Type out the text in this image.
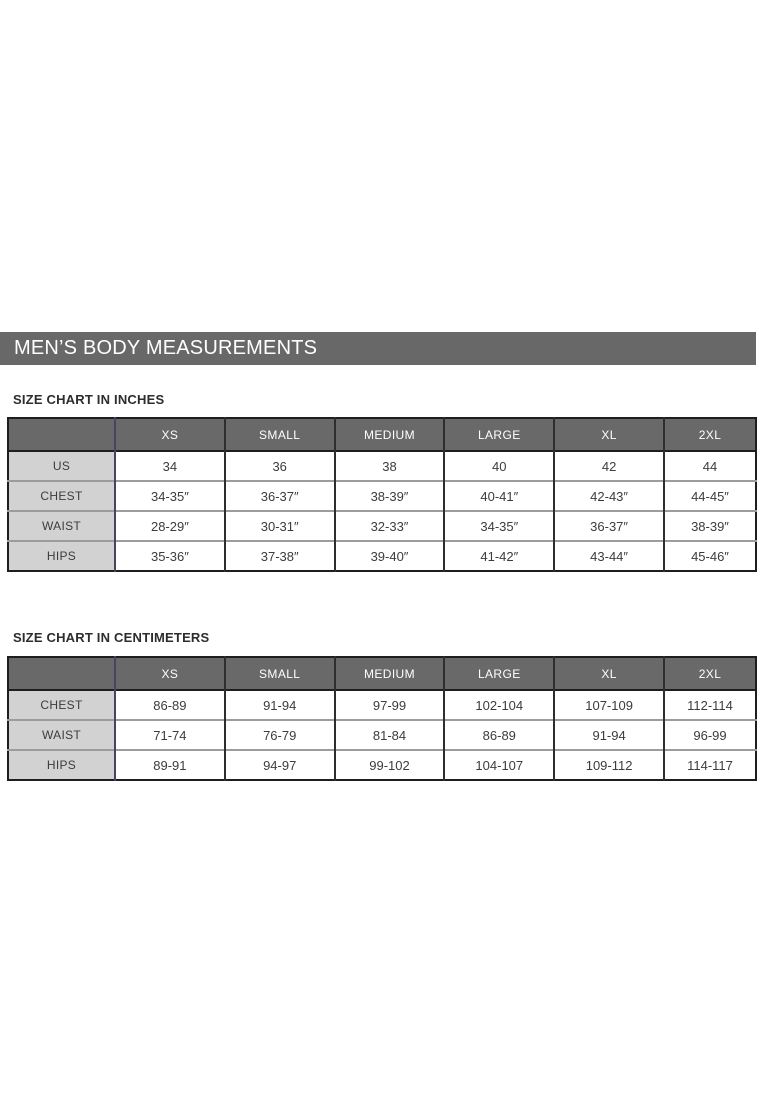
MEN’S BODY MEASUREMENTS
SIZE CHART IN INCHES
	XS	SMALL	MEDIUM	LARGE	XL	2XL
US	34	36	38	40	42	44
CHEST	34-35″	36-37″	38-39″	40-41″	42-43″	44-45″
WAIST	28-29″	30-31″	32-33″	34-35″	36-37″	38-39″
HIPS	35-36″	37-38″	39-40″	41-42″	43-44″	45-46″
SIZE CHART IN CENTIMETERS
	XS	SMALL	MEDIUM	LARGE	XL	2XL
CHEST	86-89	91-94	97-99	102-104	107-109	112-114
WAIST	71-74	76-79	81-84	86-89	91-94	96-99
HIPS	89-91	94-97	99-102	104-107	109-112	114-117
